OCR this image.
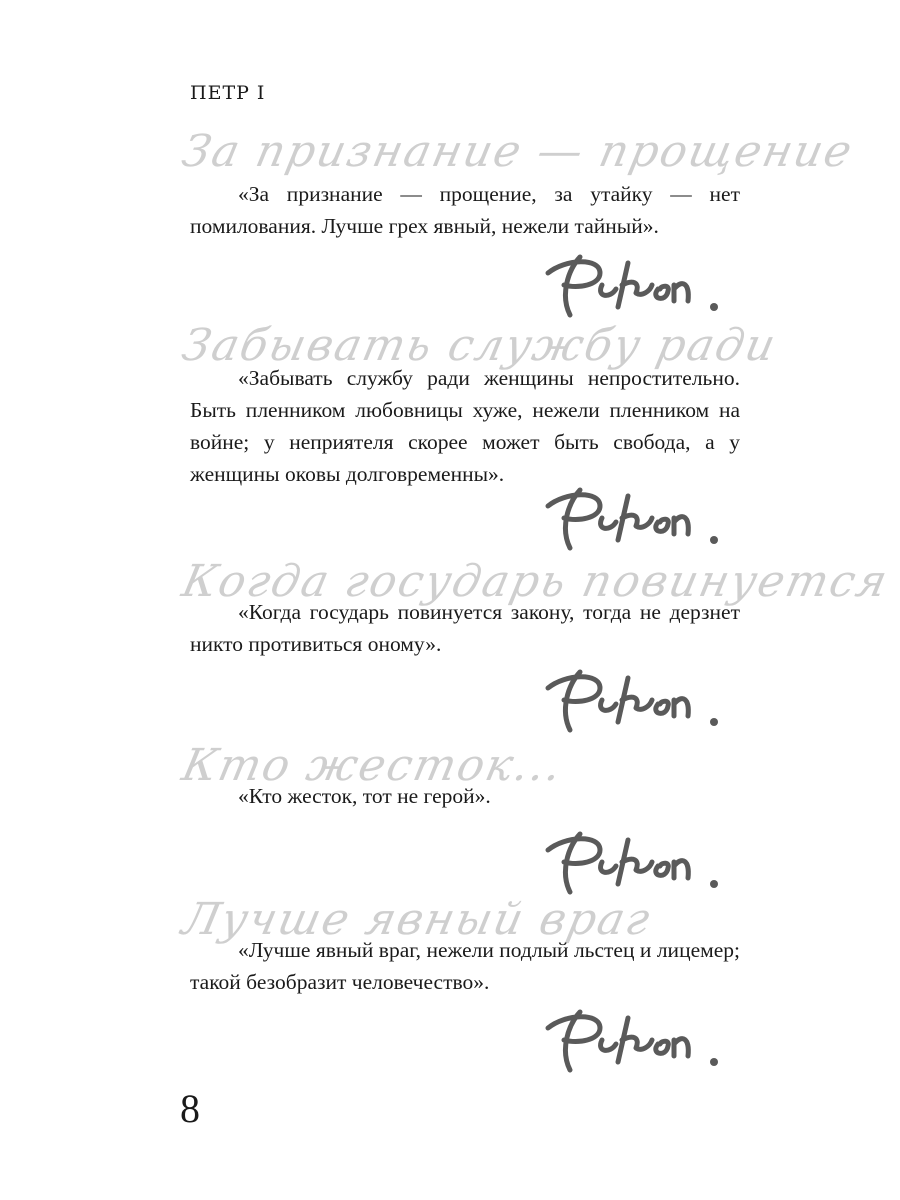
ПЕТР I
За признание — прощение

«За признание — прощение, за утайку — нет помилования. Лучше грех явный, нежели тайный».

Забывать службу ради

«Забывать службу ради женщины непростительно. Быть пленником любовницы хуже, нежели пленником на войне; у неприятеля скорее может быть свобода, а у женщины оковы долговременны».

Когда государь повинуется

«Когда государь повинуется закону, тогда не дерзнет никто противиться оному».

Кто жесток...

«Кто жесток, тот не герой».

Лучше явный враг

«Лучше явный враг, нежели подлый льстец и лицемер; такой безобразит человечество».

8
